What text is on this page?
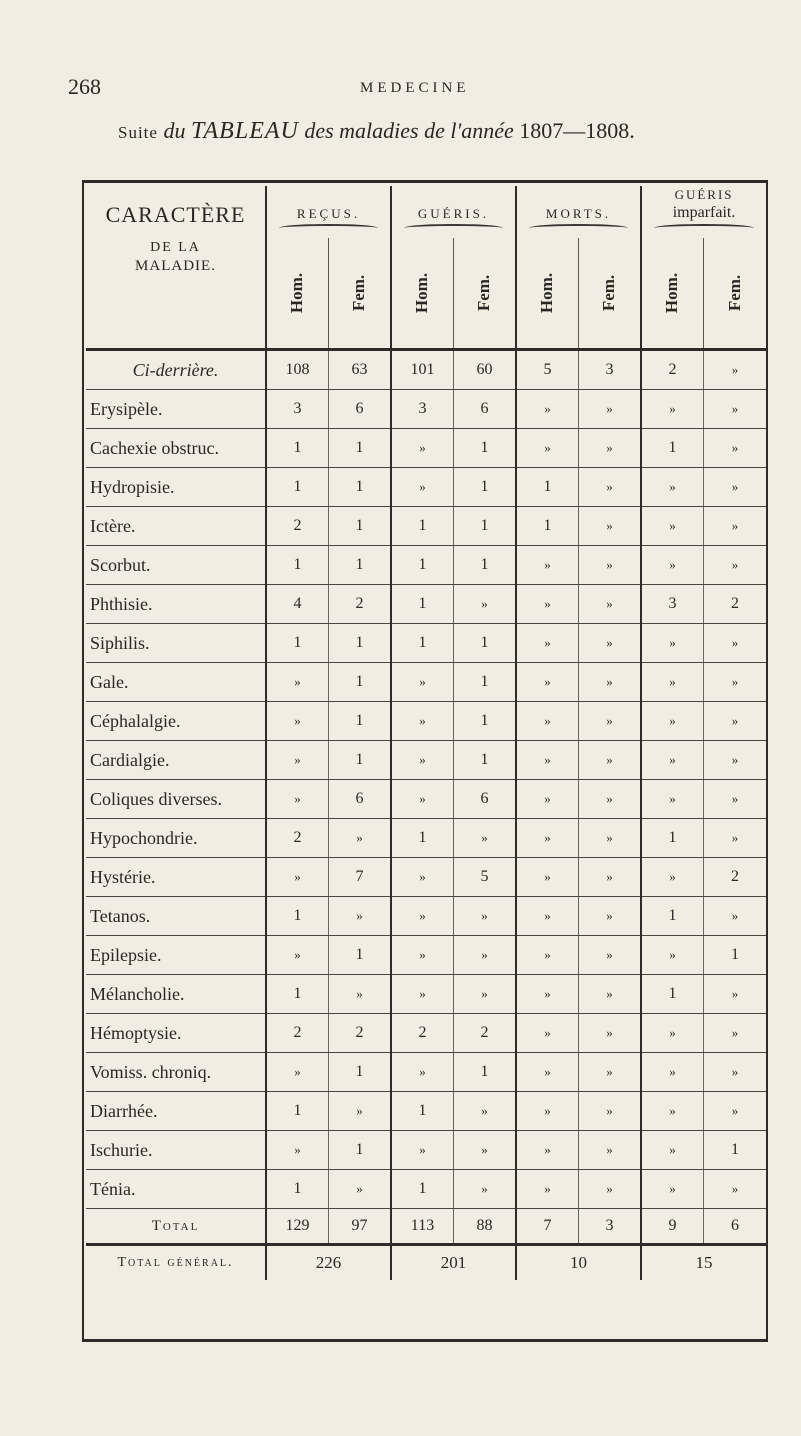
268	MEDECINE
Suite du TABLEAU des maladies de l'année 1807—1808.
CARACTÈRE
DE LA
MALADIE.	REÇUS.		GUÉRIS.		MORTS.		GUÉRIS
imparfait.	

	Hom.	Fem.	Hom.	Fem.	Hom.	Fem.	Hom.	Fem.
Ci-derrière.	108	63	101	60	5	3	2	»
Erysipèle.	3	6	3	6	»	»	»	»
Cachexie obstruc.	1	1	»	1	»	»	1	»
Hydropisie.	1	1	»	1	1	»	»	»
Ictère.	2	1	1	1	1	»	»	»
Scorbut.	1	1	1	1	»	»	»	»
Phthisie.	4	2	1	»	»	»	3	2
Siphilis.	1	1	1	1	»	»	»	»
Gale.	»	1	»	1	»	»	»	»
Céphalalgie.	»	1	»	1	»	»	»	»
Cardialgie.	»	1	»	1	»	»	»	»
Coliques diverses.	»	6	»	6	»	»	»	»
Hypochondrie.	2	»	1	»	»	»	1	»
Hystérie.	»	7	»	5	»	»	»	2
Tetanos.	1	»	»	»	»	»	1	»
Epilepsie.	»	1	»	»	»	»	»	1
Mélancholie.	1	»	»	»	»	»	1	»
Hémoptysie.	2	2	2	2	»	»	»	»
Vomiss. chroniq.	»	1	»	1	»	»	»	»
Diarrhée.	1	»	1	»	»	»	»	»
Ischurie.	»	1	»	»	»	»	»	1
Ténia.	1	»	1	»	»	»	»	»
Total	129	97	113	88	7	3	9	6
Total général.	226		201		10		15	
